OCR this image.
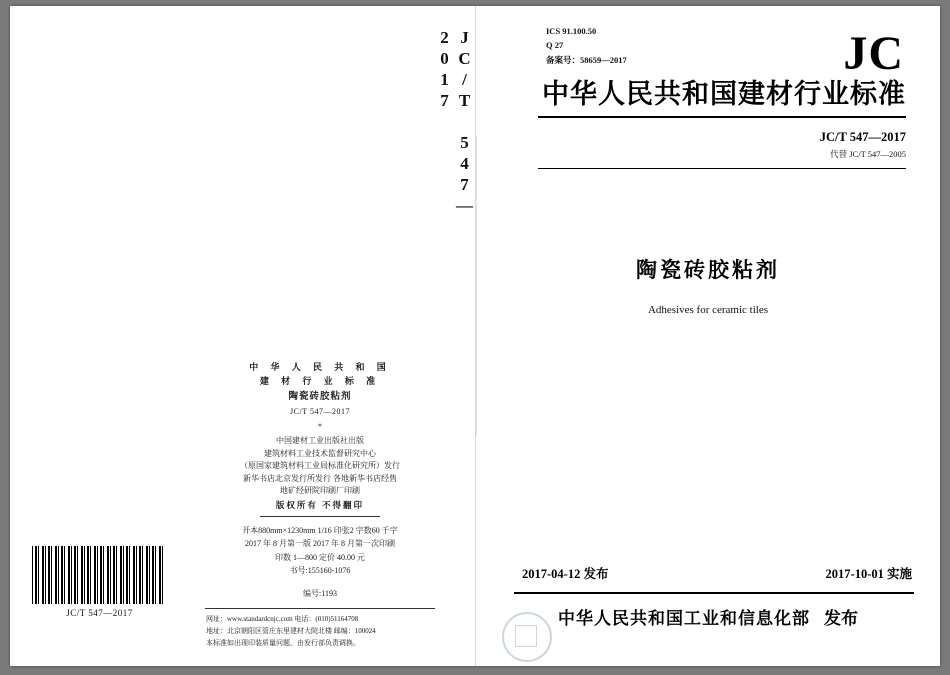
JC/T 547—2017
中 华 人 民 共 和 国
建 材 行 业 标 准
陶瓷砖胶粘剂
JC/T 547—2017
*
中国建材工业出版社出版
建筑材料工业技术监督研究中心
（原国家建筑材料工业局标准化研究所）发行
新华书店北京发行所发行 各地新华书店经售
地矿经研院印刷厂印刷
版权所有 不得翻印
开本880mm×1230mm 1/16 印张2 字数60 千字
2017 年 8 月第一版 2017 年 8 月第一次印刷
印数 1—800 定价 40.00 元
书号:155160-1076
编号:1193
网址：www.standardcnjc.com 电话：(010)51164708
地址：北京朝阳区管庄东里建材大院北楼 邮编：100024
本标准如出现印装质量问题，由发行部负责调换。
JC/T 547—2017
ICS 91.100.50
Q 27
备案号：58659—2017	JC
中华人民共和国建材行业标准
JC/T 547—2017
代替 JC/T 547—2005
陶瓷砖胶粘剂
Adhesives for ceramic tiles
2017-04-12 发布	2017-10-01 实施
中华人民共和国工业和信息化部 发布
